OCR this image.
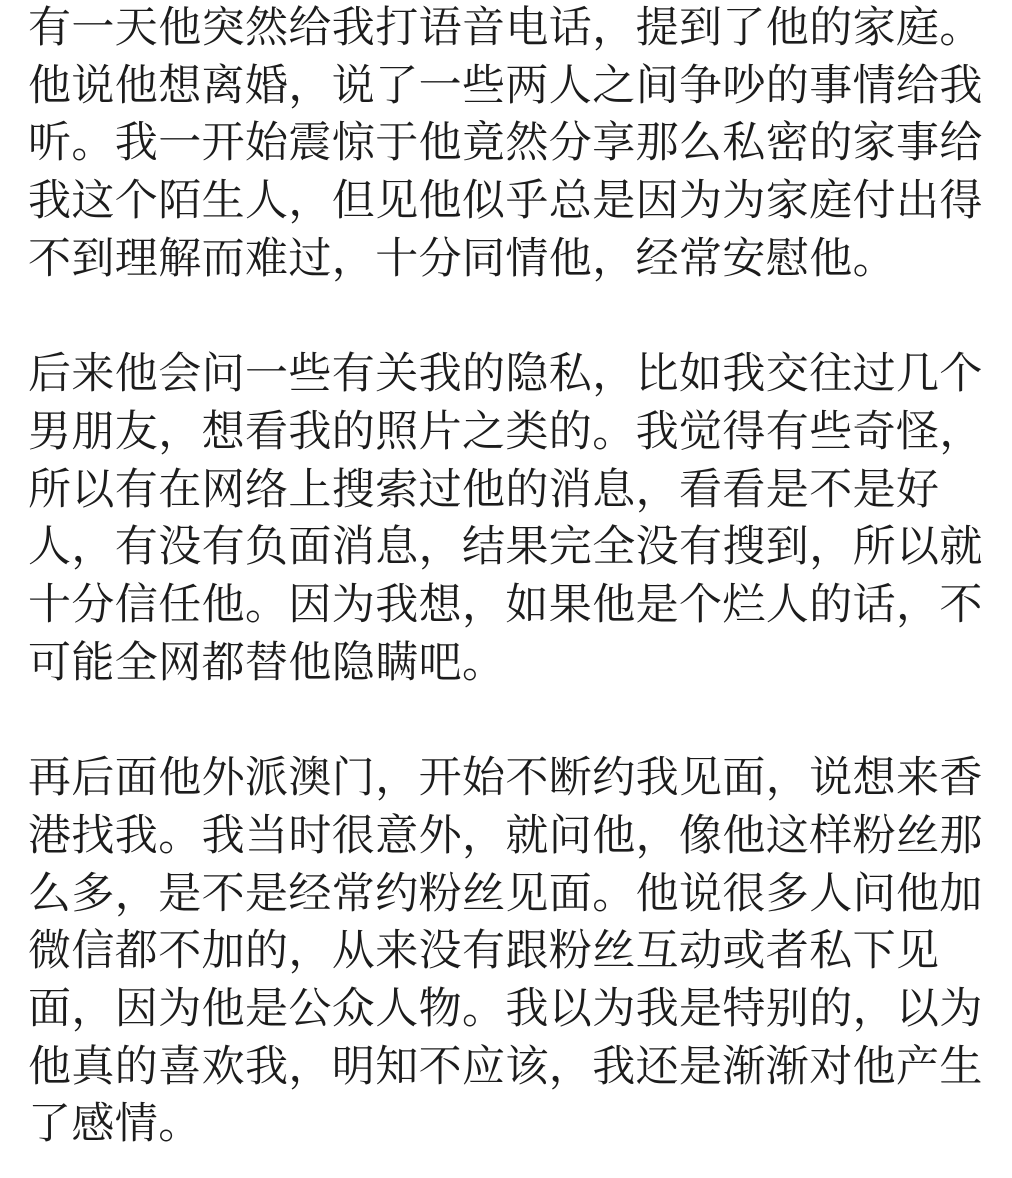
有一天他突然给我打语音电话，提到了他的家庭。
他说他想离婚，说了一些两人之间争吵的事情给我
听。我一开始震惊于他竟然分享那么私密的家事给
我这个陌生人，但见他似乎总是因为为家庭付出得
不到理解而难过，十分同情他，经常安慰他。
后来他会问一些有关我的隐私，比如我交往过几个
男朋友，想看我的照片之类的。我觉得有些奇怪，
所以有在网络上搜索过他的消息，看看是不是好
人，有没有负面消息，结果完全没有搜到，所以就
十分信任他。因为我想，如果他是个烂人的话，不
可能全网都替他隐瞒吧。
再后面他外派澳门，开始不断约我见面，说想来香
港找我。我当时很意外，就问他，像他这样粉丝那
么多，是不是经常约粉丝见面。他说很多人问他加
微信都不加的，从来没有跟粉丝互动或者私下见
面，因为他是公众人物。我以为我是特别的，以为
他真的喜欢我，明知不应该，我还是渐渐对他产生
了感情。
